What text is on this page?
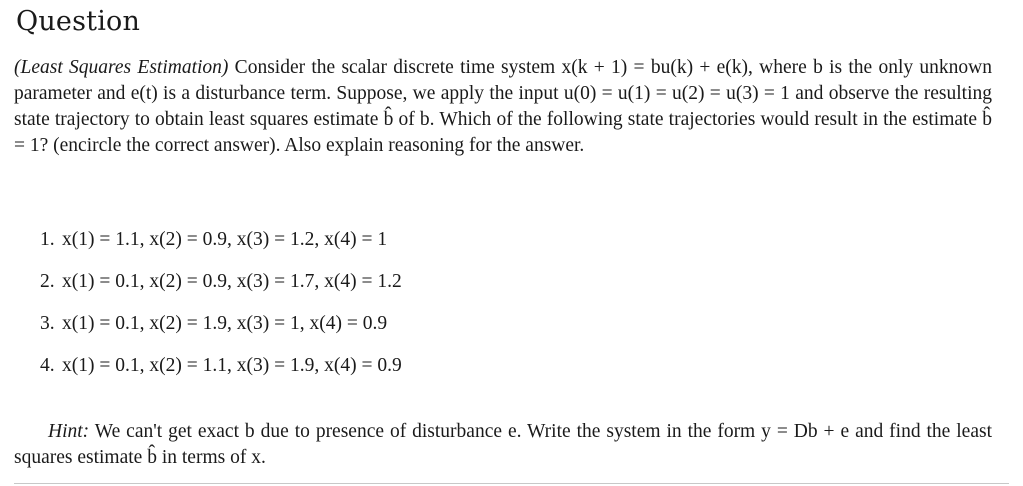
Question
(Least Squares Estimation) Consider the scalar discrete time system x(k + 1) = bu(k) + e(k), where b is the only unknown parameter and e(t) is a disturbance term. Suppose, we apply the input u(0) = u(1) = u(2) = u(3) = 1 and observe the resulting state trajectory to obtain least squares estimate b̂ of b. Which of the following state trajectories would result in the estimate b̂ = 1? (encircle the correct answer). Also explain reasoning for the answer.
1. x(1) = 1.1, x(2) = 0.9, x(3) = 1.2, x(4) = 1
2. x(1) = 0.1, x(2) = 0.9, x(3) = 1.7, x(4) = 1.2
3. x(1) = 0.1, x(2) = 1.9, x(3) = 1, x(4) = 0.9
4. x(1) = 0.1, x(2) = 1.1, x(3) = 1.9, x(4) = 0.9
Hint: We can't get exact b due to presence of disturbance e. Write the system in the form y = Db + e and find the least squares estimate b̂ in terms of x.
